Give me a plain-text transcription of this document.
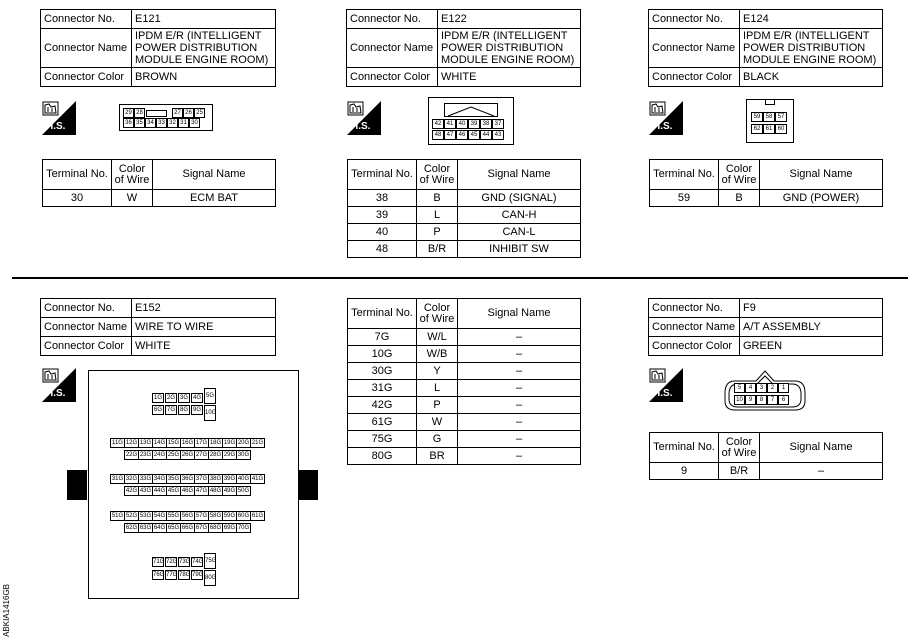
Connector No.	E121
Connector Name	IPDM E/R (INTELLIGENT POWER DISTRIBUTION MODULE ENGINE ROOM)
Connector Color	BROWN
H.S.
29 28	27 26 25
36 35 34 33 32 31 30
Terminal No.	Color of Wire	Signal Name
30	W	ECM BAT
Connector No.	E122
Connector Name	IPDM E/R (INTELLIGENT POWER DISTRIBUTION MODULE ENGINE ROOM)
Connector Color	WHITE
H.S.	42 41 40 39 38 37
48 47 46 45 44 43
Terminal No.	Color of Wire	Signal Name
38	B	GND (SIGNAL)
39	L	CAN-H
40	P	CAN-L
48	B/R	INHIBIT SW
Connector No.	E124
Connector Name	IPDM E/R (INTELLIGENT POWER DISTRIBUTION MODULE ENGINE ROOM)
Connector Color	BLACK
H.S.
59 58 57
62 61 60
Terminal No.	Color of Wire	Signal Name
59	B	GND (POWER)
Connector No.	E152
Connector Name	WIRE TO WIRE
Connector Color	WHITE
H.S.	1G 2G 3G 4G
6G 7G 8G 9G
5G
10G
11G 12G 13G 14G 15G 16G 17G 18G 19G 20G 21G
22G 23G 24G 25G 26G 27G 28G 29G 30G
31G 32G 33G 34G 35G 36G 37G 38G 39G 40G 41G
42G 43G 44G 45G 46G 47G 48G 49G 50G
51G 52G 53G 54G 55G 56G 57G 58G 59G 60G 61G
62G 63G 64G 65G 66G 67G 68G 69G 70G
71G 72G 73G 74G
76G 77G 78G 79G
75G
80G
Terminal No.	Color of Wire	Signal Name
7G	W/L	–
10G	W/B	–
30G	Y	–
31G	L	–
42G	P	–
61G	W	–
75G	G	–
80G	BR	–
Connector No.	F9
Connector Name	A/T ASSEMBLY
Connector Color	GREEN
H.S.	5	4	3	2	1
10 9	8	7	6
Terminal No.	Color of Wire	Signal Name
9	B/R	–
ABKIA1416GB
